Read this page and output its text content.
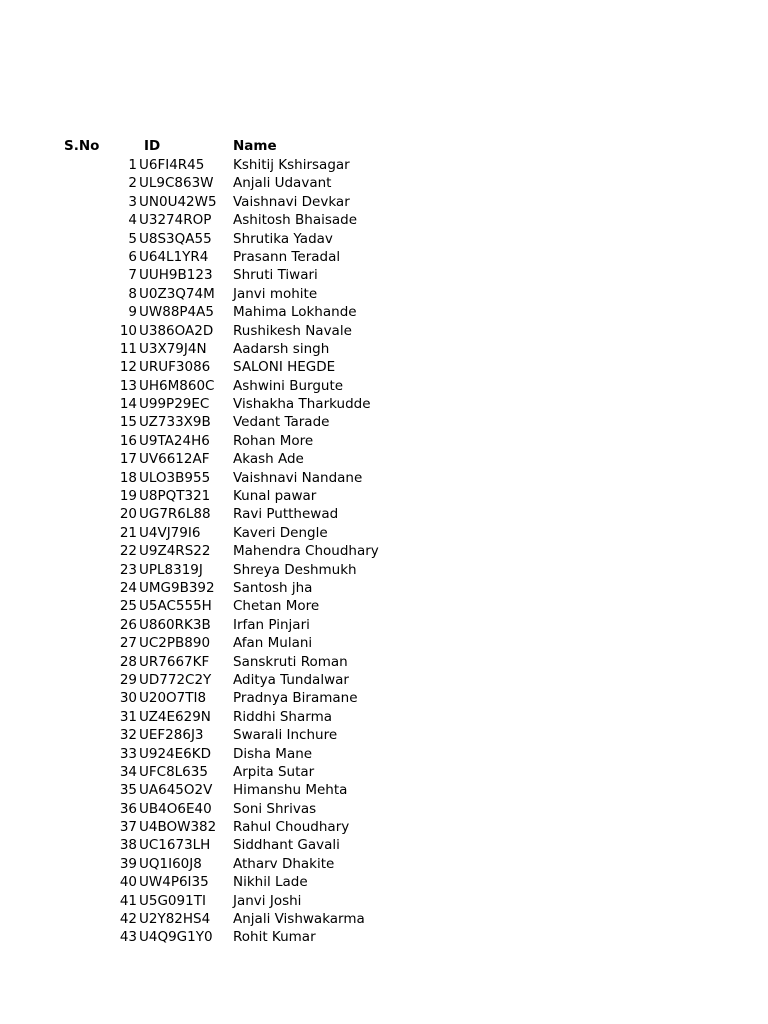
S.No	ID	Name
1 U6FI4R45 Kshitij Kshirsagar
2 UL9C863W Anjali Udavant
3 UN0U42W5 Vaishnavi Devkar
4 U3274ROP Ashitosh Bhaisade
5 U8S3QA55 Shrutika Yadav
6 U64L1YR4 Prasann Teradal
7 UUH9B123 Shruti Tiwari
8 U0Z3Q74M Janvi mohite
9 UW88P4A5 Mahima Lokhande
10 U386OA2D Rushikesh Navale
11 U3X79J4N Aadarsh singh
12 URUF3086 SALONI HEGDE
13 UH6M860C Ashwini Burgute
14 U99P29EC Vishakha Tharkudde
15 UZ733X9B Vedant Tarade
16 U9TA24H6 Rohan More
17 UV6612AF Akash Ade
18 ULO3B955 Vaishnavi Nandane
19 U8PQT321 Kunal pawar
20 UG7R6L88 Ravi Putthewad
21 U4VJ79I6 Kaveri Dengle
22 U9Z4RS22 Mahendra Choudhary
23 UPL8319J Shreya Deshmukh
24 UMG9B392 Santosh jha
25 U5AC555H Chetan More
26 U860RK3B Irfan Pinjari
27 UC2PB890 Afan Mulani
28 UR7667KF Sanskruti Roman
29 UD772C2Y Aditya Tundalwar
30 U20O7TI8 Pradnya Biramane
31 UZ4E629N Riddhi Sharma
32 UEF286J3 Swarali Inchure
33 U924E6KD Disha Mane
34 UFC8L635 Arpita Sutar
35 UA645O2V Himanshu Mehta
36 UB4O6E40 Soni Shrivas
37 U4BOW382 Rahul Choudhary
38 UC1673LH Siddhant Gavali
39 UQ1I60J8 Atharv Dhakite
40 UW4P6I35 Nikhil Lade
41 U5G091TI Janvi Joshi
42 U2Y82HS4 Anjali Vishwakarma
43 U4Q9G1Y0 Rohit Kumar
